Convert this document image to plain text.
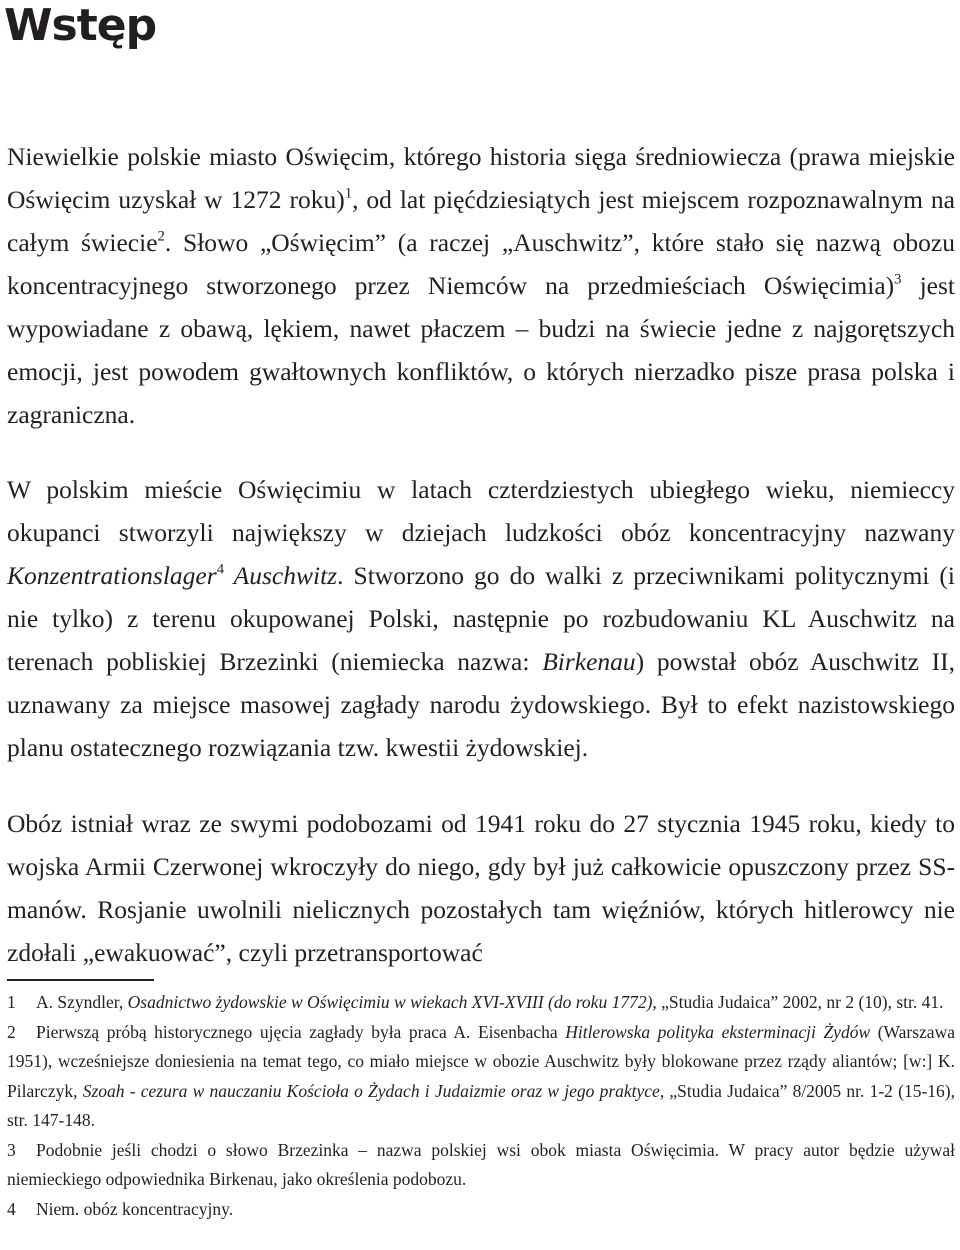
Wstęp

Niewielkie polskie miasto Oświęcim, którego historia sięga średniowiecza (prawa miejskie Oświęcim uzyskał w 1272 roku)$^1$, od lat pięćdziesiątych jest miejscem rozpoznawalnym na całym świecie$^2$. Słowo „Oświęcim” (a raczej „Auschwitz”, które stało się nazwą obozu koncentracyjnego stworzonego przez Niemców na przedmieściach Oświęcimia)$^3$ jest wypowiadane z obawą, lękiem, nawet płaczem – budzi na świecie jedne z najgorętszych emocji, jest powodem gwałtownych konfliktów, o których nierzadko pisze prasa polska i zagraniczna.

W polskim mieście Oświęcimiu w latach czterdziestych ubiegłego wieku, niemieccy okupanci stworzyli największy w dziejach ludzkości obóz koncentracyjny nazwany Konzentrationslager$^4$ Auschwitz. Stworzono go do walki z przeciwnikami politycznymi (i nie tylko) z terenu okupowanej Polski, następnie po rozbudowaniu KL Auschwitz na terenach pobliskiej Brzezinki (niemiecka nazwa: Birkenau) powstał obóz Auschwitz II, uznawany za miejsce masowej zagłady narodu żydowskiego. Był to efekt nazistowskiego planu ostatecznego rozwiązania tzw. kwestii żydowskiej.

Obóz istniał wraz ze swymi podobozami od 1941 roku do 27 stycznia 1945 roku, kiedy to wojska Armii Czerwonej wkroczyły do niego, gdy był już całkowicie opuszczony przez SS-manów. Rosjanie uwolnili nielicznych pozostałych tam więźniów, których hitlerowcy nie zdołali „ewakuować”, czyli przetransportować

1 A. Szyndler, Osadnictwo żydowskie w Oświęcimiu w wiekach XVI-XVIII (do roku 1772), „Studia Judaica” 2002, nr 2 (10), str. 41.

2 Pierwszą próbą historycznego ujęcia zagłady była praca A. Eisenbacha Hitlerowska polityka eksterminacji Żydów (Warszawa 1951), wcześniejsze doniesienia na temat tego, co miało miejsce w obozie Auschwitz były blokowane przez rządy aliantów; [w:] K. Pilarczyk, Szoah - cezura w nauczaniu Kościoła o Żydach i Judaizmie oraz w jego praktyce, „Studia Judaica” 8/2005 nr. 1-2 (15-16), str. 147-148.

3 Podobnie jeśli chodzi o słowo Brzezinka – nazwa polskiej wsi obok miasta Oświęcimia. W pracy autor będzie używał niemieckiego odpowiednika Birkenau, jako określenia podobozu.

4 Niem. obóz koncentracyjny.
